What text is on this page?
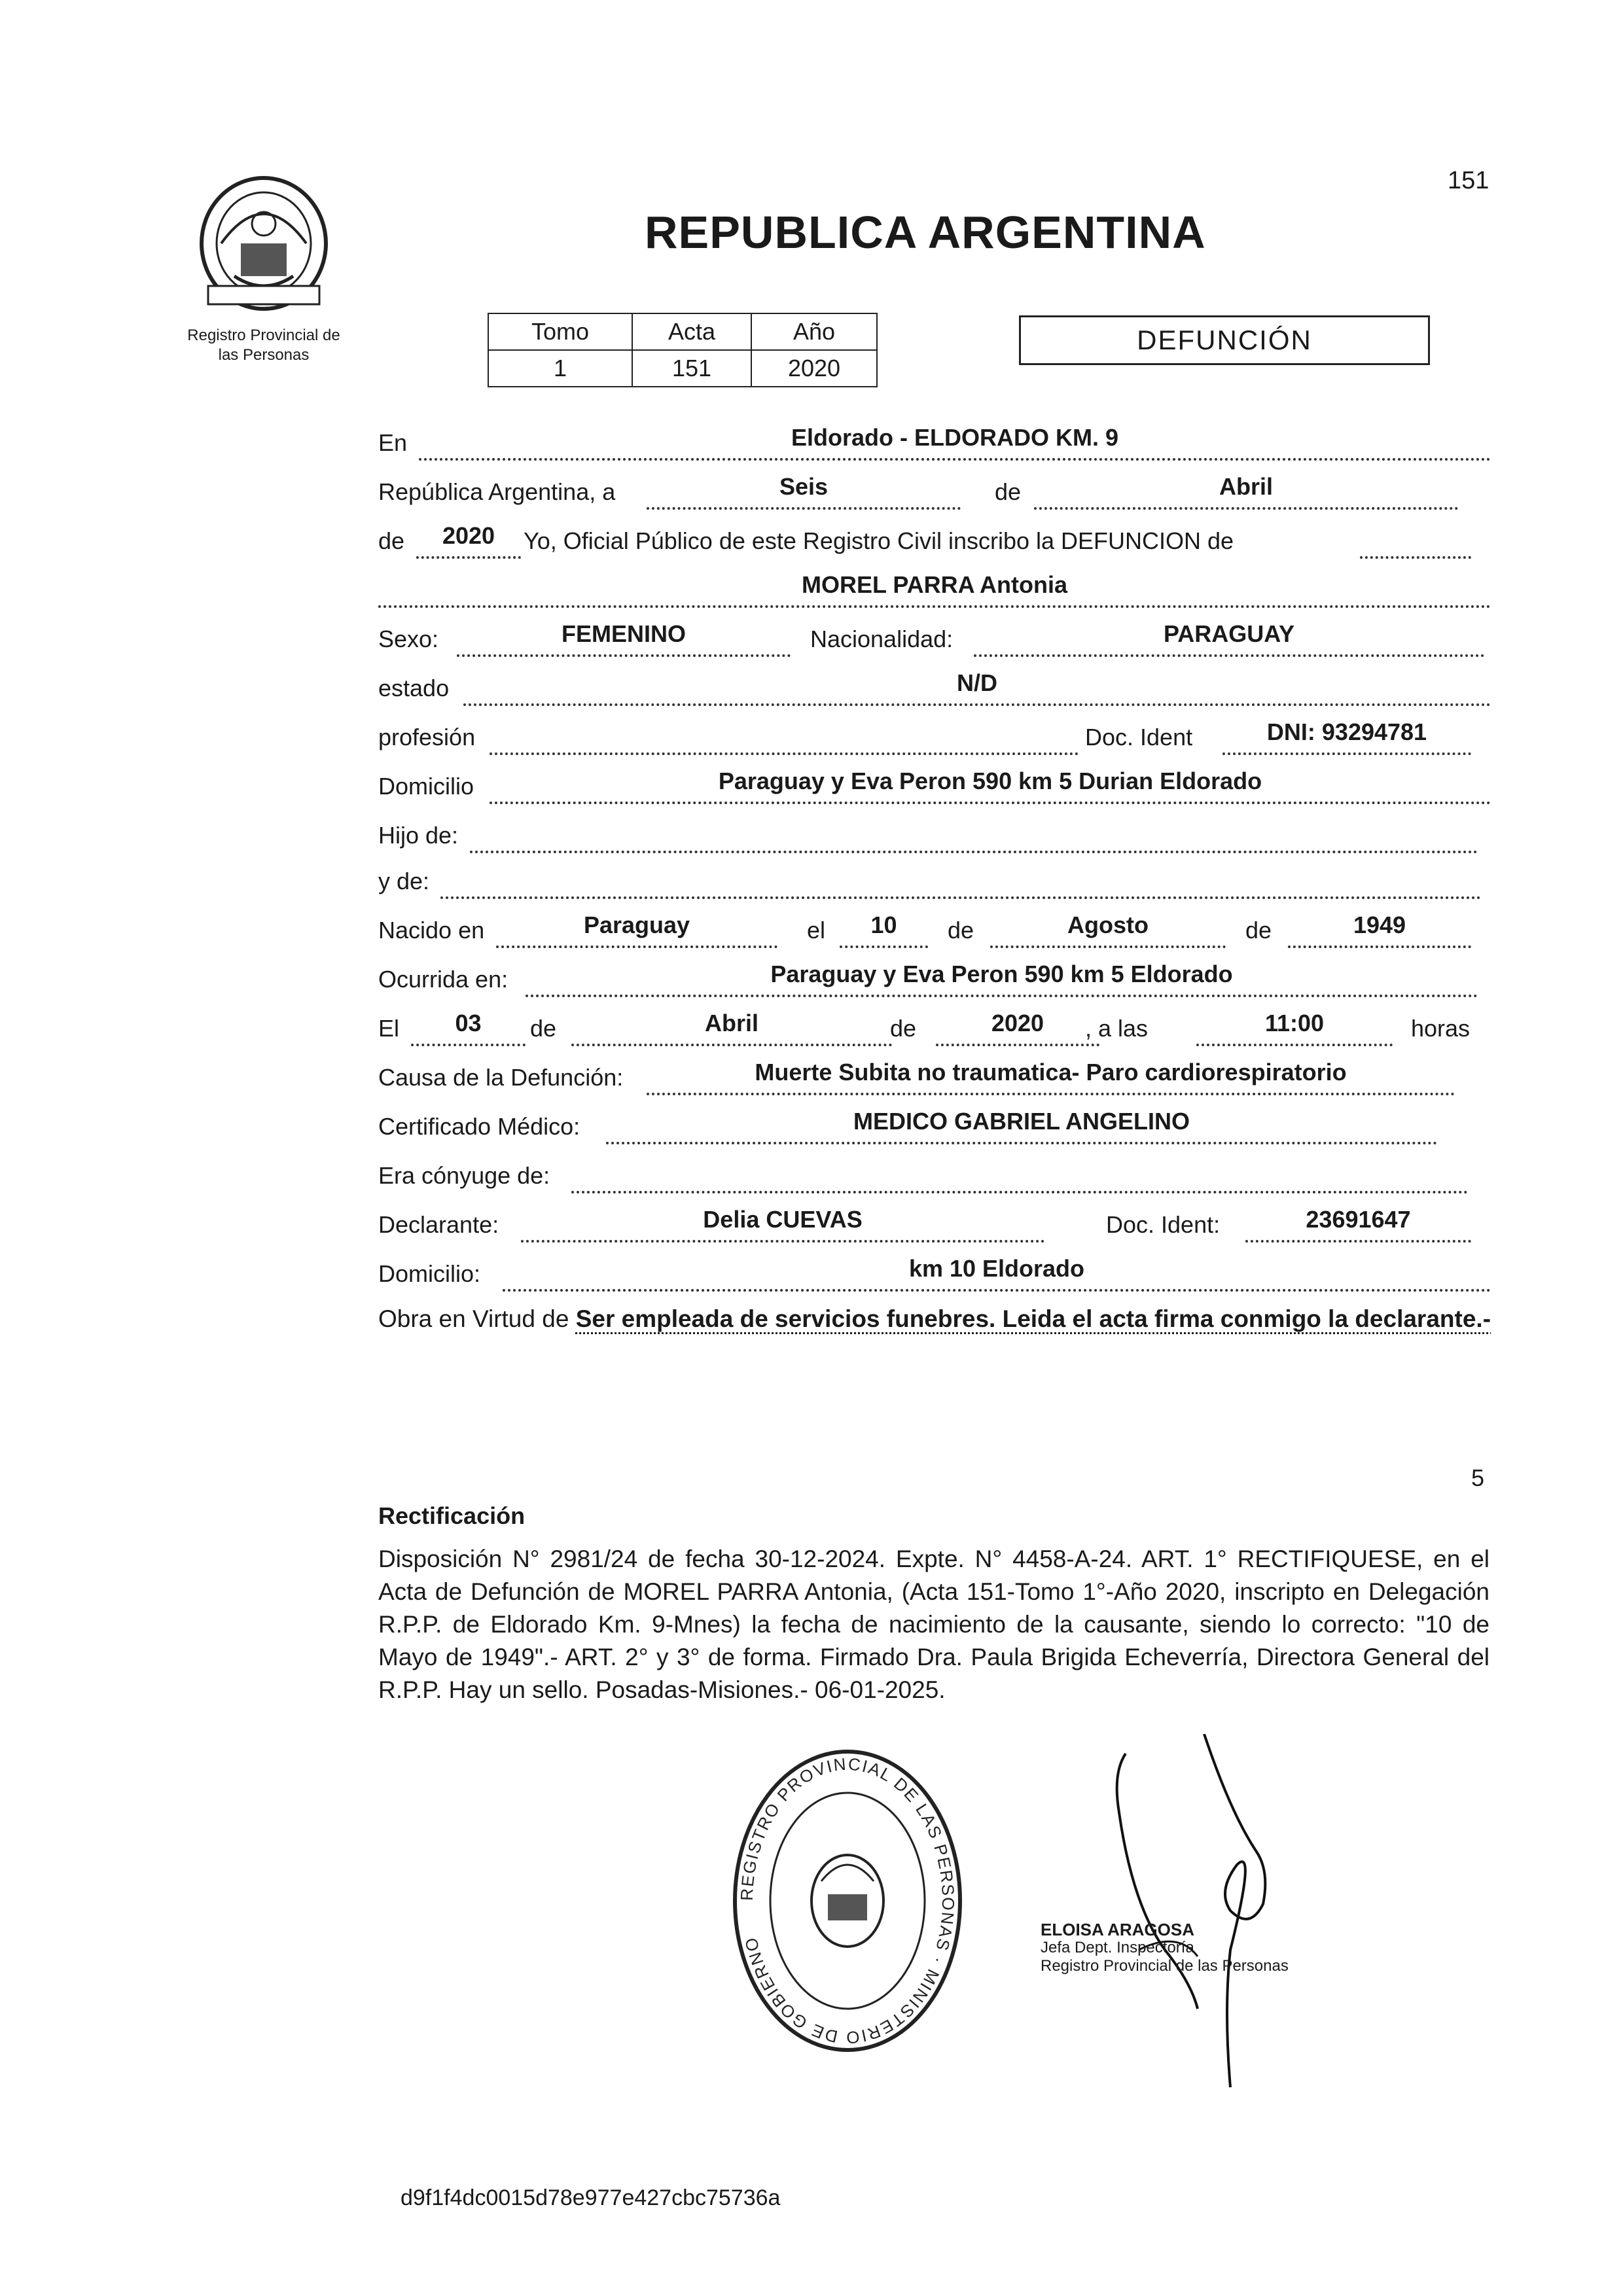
151
Registro Provincial de
las Personas
REPUBLICA ARGENTINA
Tomo	Acta	Año
1	151	2020
DEFUNCIÓN
En	Eldorado - ELDORADO KM. 9
República Argentina, a	Seis	de	Abril
de	2020	Yo, Oficial Público de este Registro Civil inscribo la DEFUNCION de
MOREL PARRA Antonia
Sexo:	FEMENINO	Nacionalidad:	PARAGUAY
estado	N/D
profesión	Doc. Ident	DNI: 93294781
Domicilio	Paraguay y Eva Peron 590 km 5 Durian Eldorado
Hijo de:
y de:
Nacido en	Paraguay	el	10	de	Agosto	de	1949
Ocurrida en:	Paraguay y Eva Peron 590 km 5 Eldorado
El	03	de	Abril	de	2020	, a las	11:00	horas
Causa de la Defunción:	Muerte Subita no traumatica- Paro cardiorespiratorio
Certificado Médico:	MEDICO GABRIEL ANGELINO
Era cónyuge de:
Declarante:	Delia CUEVAS	Doc. Ident:	23691647
Domicilio:	km 10 Eldorado
Obra en Virtud de Ser empleada de servicios funebres. Leida el acta firma conmigo la declarante.-
5
Rectificación
Disposición N° 2981/24 de fecha 30-12-2024. Expte. N° 4458-A-24. ART. 1° RECTIFIQUESE, en el Acta de Defunción de MOREL PARRA Antonia, (Acta 151-Tomo 1°-Año 2020, inscripto en Delegación R.P.P. de Eldorado Km. 9-Mnes) la fecha de nacimiento de la causante, siendo lo correcto: "10 de Mayo de 1949".- ART. 2° y 3° de forma. Firmado Dra. Paula Brigida Echeverría, Directora General del R.P.P. Hay un sello. Posadas-Misiones.- 06-01-2025.
REGISTRO PROVINCIAL DE LAS PERSONAS · MINISTERIO DE GOBIERNO
ELOISA ARAGOSA
Jefa Dept. Inspectoría
Registro Provincial de las Personas
d9f1f4dc0015d78e977e427cbc75736a
